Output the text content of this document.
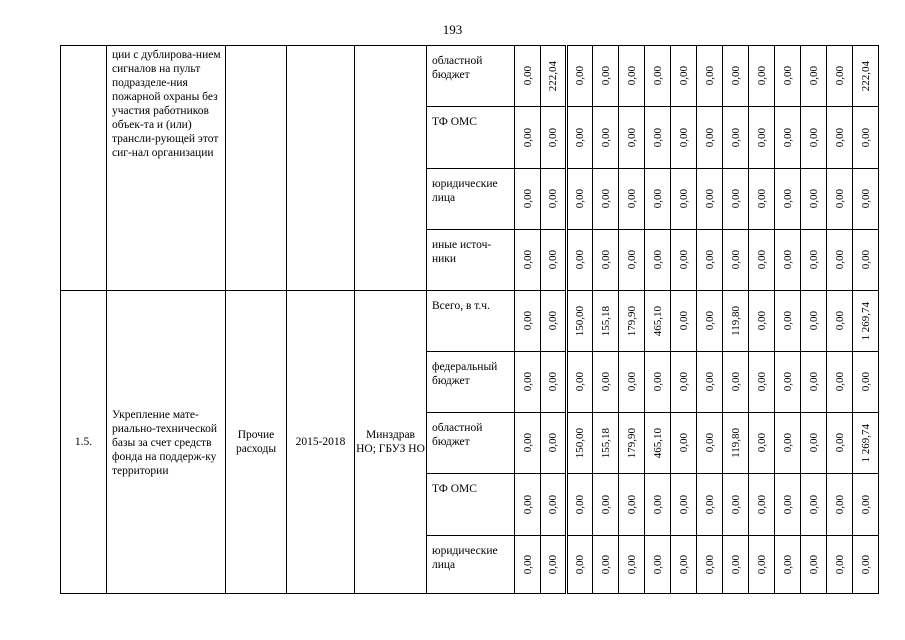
193
	ции с дублирова-нием сигналов на пульт подразделе-ния пожарной охраны без участия работников объек-та и (или) трансли-рующей этот сиг-нал организации				областной бюджет	0,00	222,04	0,00	0,00	0,00	0,00	0,00	0,00	0,00	0,00	0,00	0,00	0,00	222,04

					ТФ ОМС	0,00	0,00	0,00	0,00	0,00	0,00	0,00	0,00	0,00	0,00	0,00	0,00	0,00	0,00

					юридические лица	0,00	0,00	0,00	0,00	0,00	0,00	0,00	0,00	0,00	0,00	0,00	0,00	0,00	0,00

					иные источ-ники	0,00	0,00	0,00	0,00	0,00	0,00	0,00	0,00	0,00	0,00	0,00	0,00	0,00	0,00

1.5.	Укрепление мате-риально-технической базы за счет средств фонда на поддерж-ку территории	Прочие расходы	2015-2018	Минздрав НО; ГБУЗ НО	Всего, в т.ч.	0,00	0,00	150,00	155,18	179,90	465,10	0,00	0,00	119,80	0,00	0,00	0,00	0,00	1 269,74

					федеральный бюджет	0,00	0,00	0,00	0,00	0,00	0,00	0,00	0,00	0,00	0,00	0,00	0,00	0,00	0,00

					областной бюджет	0,00	0,00	150,00	155,18	179,90	465,10	0,00	0,00	119,80	0,00	0,00	0,00	0,00	1 269,74

					ТФ ОМС	0,00	0,00	0,00	0,00	0,00	0,00	0,00	0,00	0,00	0,00	0,00	0,00	0,00	0,00

					юридические лица	0,00	0,00	0,00	0,00	0,00	0,00	0,00	0,00	0,00	0,00	0,00	0,00	0,00	0,00
